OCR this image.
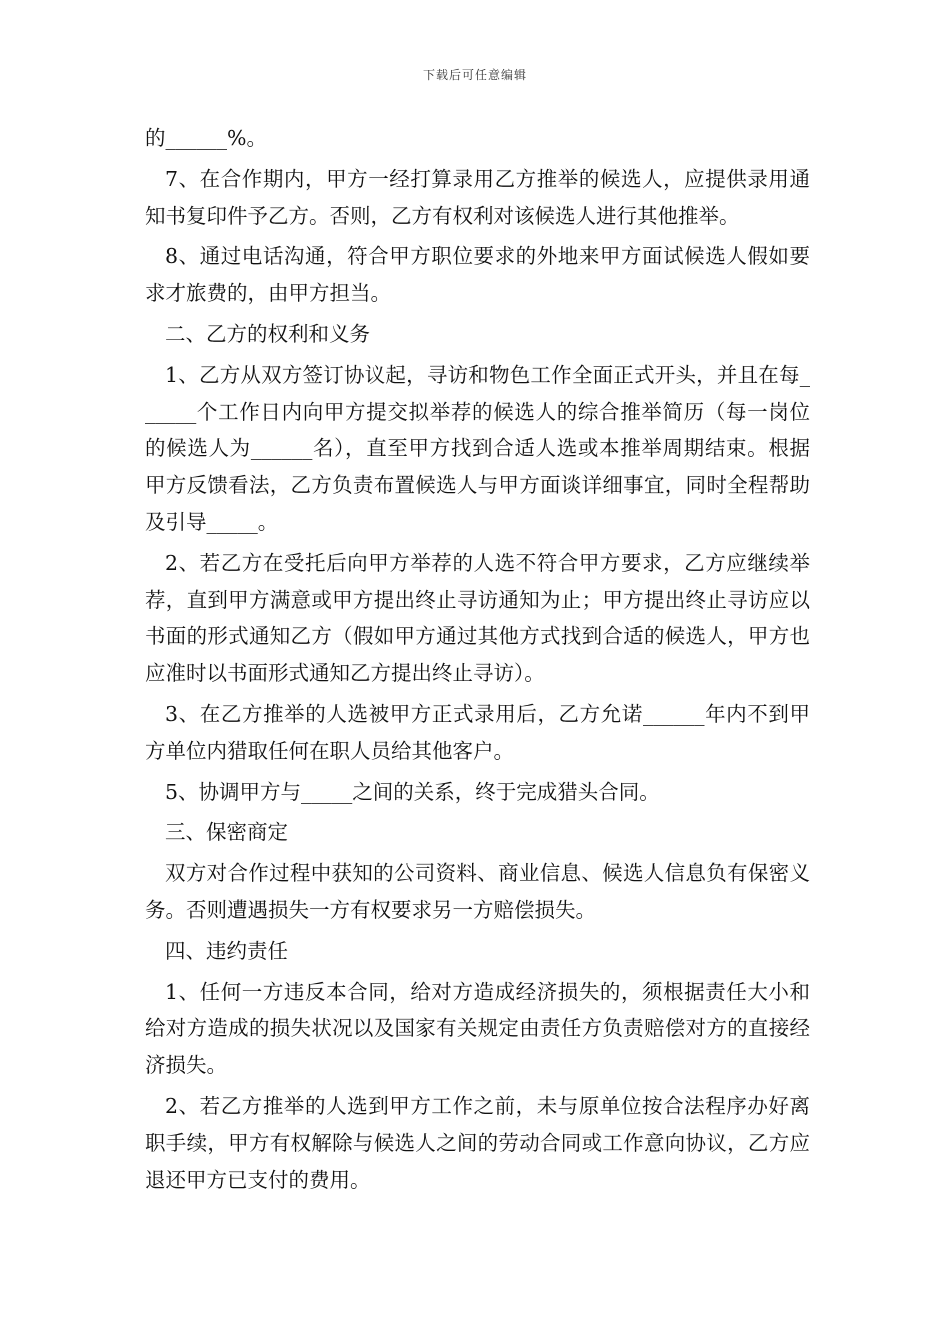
下载后可任意编辑

的______%。

7、在合作期内，甲方一经打算录用乙方推举的候选人，应提供录用通知书复印件予乙方。否则，乙方有权利对该候选人进行其他推举。

8、通过电话沟通，符合甲方职位要求的外地来甲方面试候选人假如要求才旅费的，由甲方担当。

二、乙方的权利和义务

1、乙方从双方签订协议起，寻访和物色工作全面正式开头，并且在每______个工作日内向甲方提交拟举荐的候选人的综合推举简历（每一岗位的候选人为______名），直至甲方找到合适人选或本推举周期结束。根据甲方反馈看法，乙方负责布置候选人与甲方面谈详细事宜，同时全程帮助及引导_____。

2、若乙方在受托后向甲方举荐的人选不符合甲方要求，乙方应继续举荐，直到甲方满意或甲方提出终止寻访通知为止；甲方提出终止寻访应以书面的形式通知乙方（假如甲方通过其他方式找到合适的候选人，甲方也应准时以书面形式通知乙方提出终止寻访）。

3、在乙方推举的人选被甲方正式录用后，乙方允诺______年内不到甲方单位内猎取任何在职人员给其他客户。

5、协调甲方与_____之间的关系，终于完成猎头合同。

三、保密商定

双方对合作过程中获知的公司资料、商业信息、候选人信息负有保密义务。否则遭遇损失一方有权要求另一方赔偿损失。

四、违约责任

1、任何一方违反本合同，给对方造成经济损失的，须根据责任大小和给对方造成的损失状况以及国家有关规定由责任方负责赔偿对方的直接经济损失。

2、若乙方推举的人选到甲方工作之前，未与原单位按合法程序办好离职手续，甲方有权解除与候选人之间的劳动合同或工作意向协议，乙方应退还甲方已支付的费用。
